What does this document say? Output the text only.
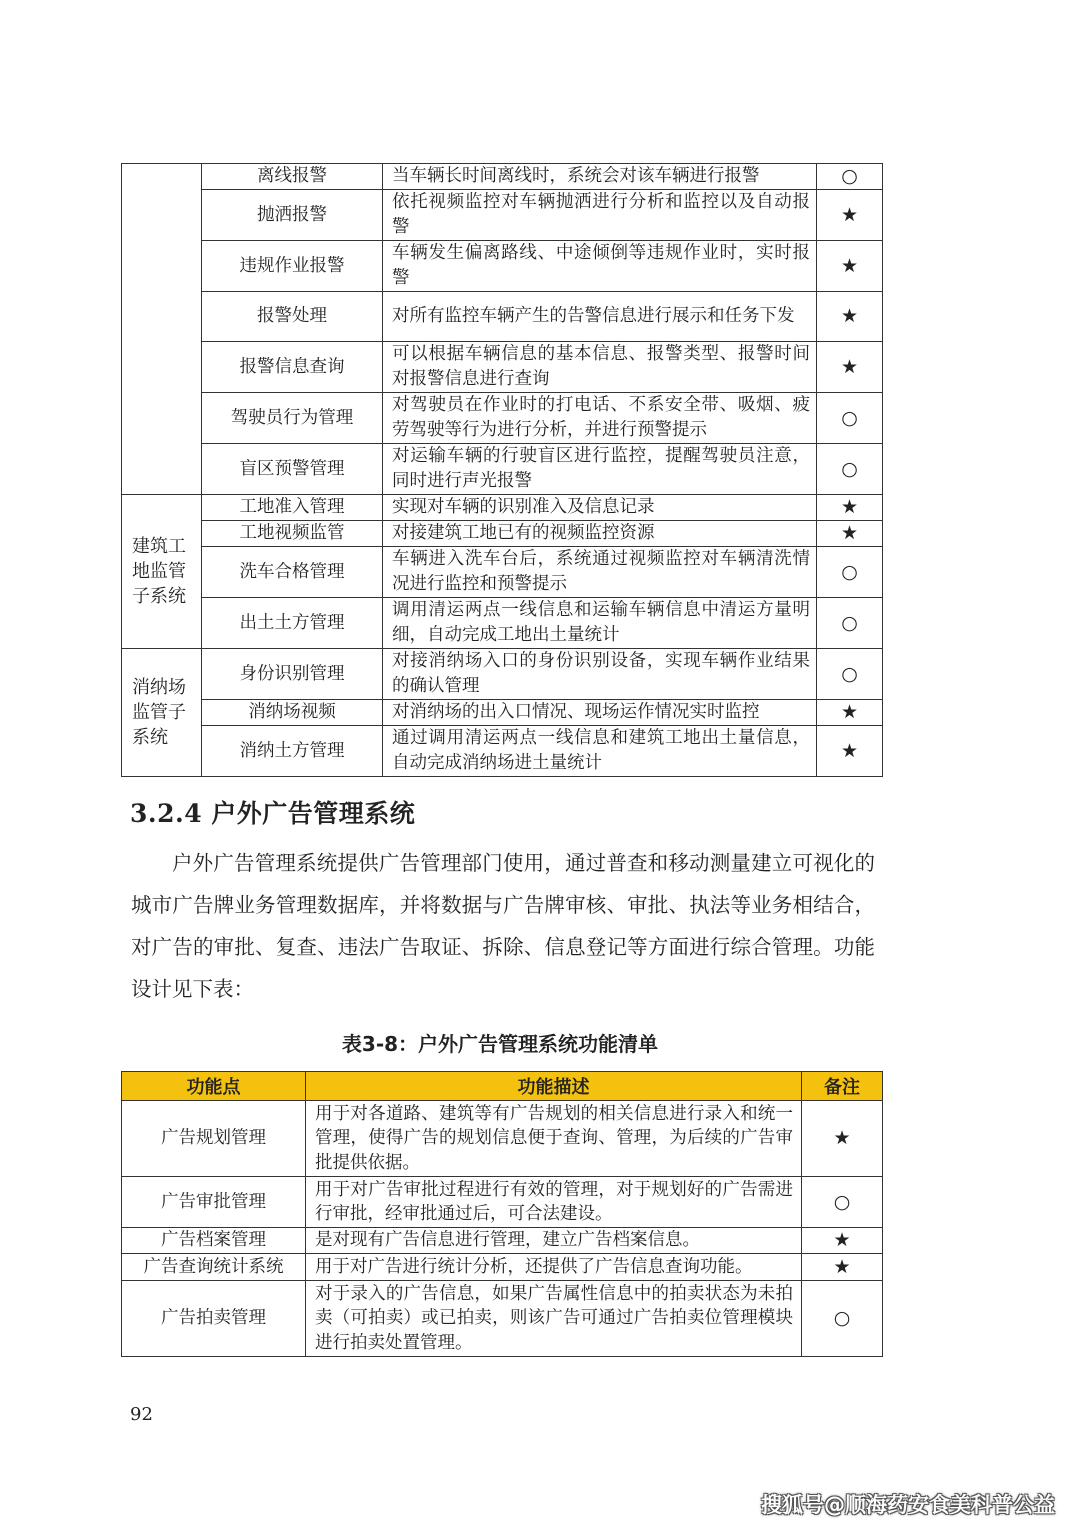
	离线报警	当车辆长时间离线时，系统会对该车辆进行报警	○
	抛洒报警	依托视频监控对车辆抛洒进行分析和监控以及自动报警	★
	违规作业报警	车辆发生偏离路线、中途倾倒等违规作业时，实时报警	★
	报警处理	对所有监控车辆产生的告警信息进行展示和任务下发	★
	报警信息查询	可以根据车辆信息的基本信息、报警类型、报警时间对报警信息进行查询	★
	驾驶员行为管理	对驾驶员在作业时的打电话、不系安全带、吸烟、疲劳驾驶等行为进行分析，并进行预警提示	○
	盲区预警管理	对运输车辆的行驶盲区进行监控，提醒驾驶员注意，同时进行声光报警	○
建筑工地监管子系统	工地准入管理	实现对车辆的识别准入及信息记录	★
	工地视频监管	对接建筑工地已有的视频监控资源	★
	洗车合格管理	车辆进入洗车台后，系统通过视频监控对车辆清洗情况进行监控和预警提示	○
	出土土方管理	调用清运两点一线信息和运输车辆信息中清运方量明细，自动完成工地出土量统计	○
消纳场监管子系统	身份识别管理	对接消纳场入口的身份识别设备，实现车辆作业结果的确认管理	○
	消纳场视频	对消纳场的出入口情况、现场运作情况实时监控	★
	消纳土方管理	通过调用清运两点一线信息和建筑工地出土量信息，自动完成消纳场进土量统计	★
3.2.4 户外广告管理系统

户外广告管理系统提供广告管理部门使用，通过普查和移动测量建立可视化的城市广告牌业务管理数据库，并将数据与广告牌审核、审批、执法等业务相结合，对广告的审批、复查、违法广告取证、拆除、信息登记等方面进行综合管理。功能设计见下表：

表3-8：户外广告管理系统功能清单
功能点	功能描述	备注
广告规划管理	用于对各道路、建筑等有广告规划的相关信息进行录入和统一管理，使得广告的规划信息便于查询、管理，为后续的广告审批提供依据。	★
广告审批管理	用于对广告审批过程进行有效的管理，对于规划好的广告需进行审批，经审批通过后，可合法建设。	○
广告档案管理	是对现有广告信息进行管理，建立广告档案信息。	★
广告查询统计系统	用于对广告进行统计分析，还提供了广告信息查询功能。	★
广告拍卖管理	对于录入的广告信息，如果广告属性信息中的拍卖状态为未拍卖（可拍卖）或已拍卖，则该广告可通过广告拍卖位管理模块进行拍卖处置管理。	○
92
搜狐号@顺海药安食美科普公益
